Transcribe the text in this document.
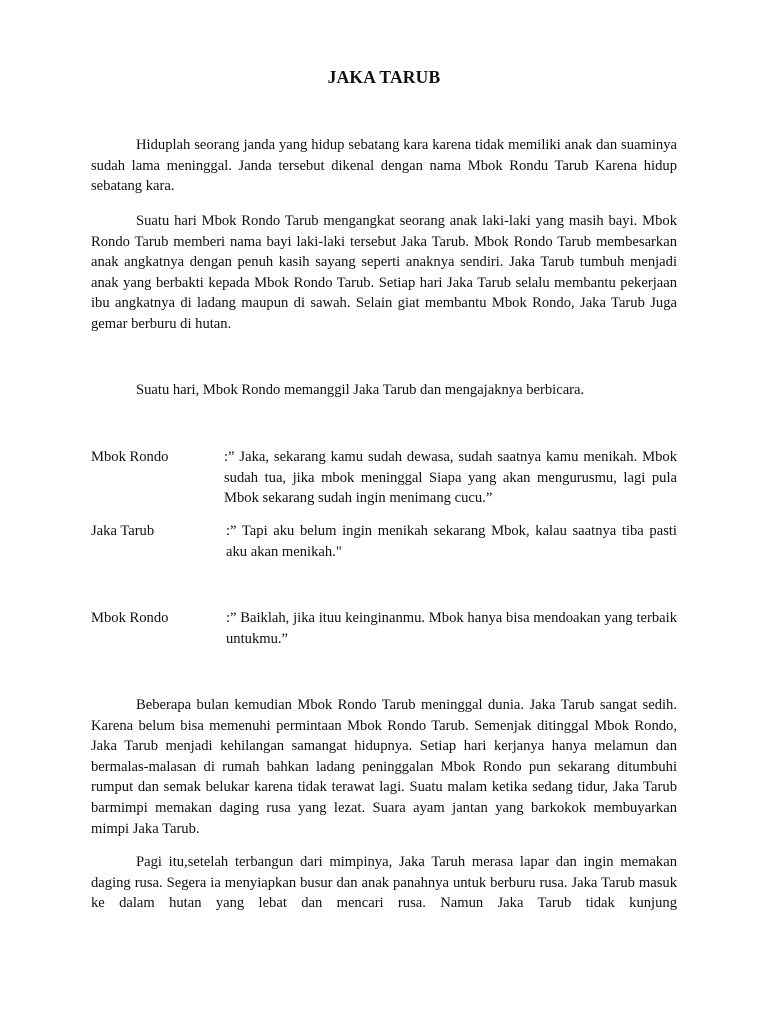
JAKA TARUB

Hiduplah seorang janda yang hidup sebatang kara karena tidak memiliki anak dan suaminya sudah lama meninggal. Janda tersebut dikenal dengan nama Mbok Rondu Tarub Karena hidup sebatang kara.

Suatu hari Mbok Rondo Tarub mengangkat seorang anak laki-laki yang masih bayi. Mbok Rondo Tarub memberi nama bayi laki-laki tersebut Jaka Tarub. Mbok Rondo Tarub membesarkan anak angkatnya dengan penuh kasih sayang seperti anaknya sendiri. Jaka Tarub tumbuh menjadi anak yang berbakti kepada Mbok Rondo Tarub. Setiap hari Jaka Tarub selalu membantu pekerjaan ibu angkatnya di ladang maupun di sawah. Selain giat membantu Mbok Rondo, Jaka Tarub Juga gemar berburu di hutan.

Suatu hari, Mbok Rondo memanggil Jaka Tarub dan mengajaknya berbicara.

Mbok Rondo	:” Jaka, sekarang kamu sudah dewasa, sudah saatnya kamu menikah. Mbok sudah tua, jika mbok meninggal Siapa yang akan mengurusmu, lagi pula Mbok sekarang sudah ingin menimang cucu.”

Jaka Tarub	:” Tapi aku belum ingin menikah sekarang Mbok, kalau saatnya tiba pasti aku akan menikah."

Mbok Rondo	:” Baiklah, jika ituu keinginanmu. Mbok hanya bisa mendoakan yang terbaik untukmu.”

Beberapa bulan kemudian Mbok Rondo Tarub meninggal dunia. Jaka Tarub sangat sedih. Karena belum bisa memenuhi permintaan Mbok Rondo Tarub. Semenjak ditinggal Mbok Rondo, Jaka Tarub menjadi kehilangan samangat hidupnya. Setiap hari kerjanya hanya melamun dan bermalas-malasan di rumah bahkan ladang peninggalan Mbok Rondo pun sekarang ditumbuhi rumput dan semak belukar karena tidak terawat lagi. Suatu malam ketika sedang tidur, Jaka Tarub barmimpi memakan daging rusa yang lezat. Suara ayam jantan yang barkokok membuyarkan mimpi Jaka Tarub.

Pagi itu,setelah terbangun dari mimpinya, Jaka Taruh merasa lapar dan ingin memakan daging rusa. Segera ia menyiapkan busur dan anak panahnya untuk berburu rusa. Jaka Tarub masuk ke dalam hutan yang lebat dan mencari rusa. Namun Jaka Tarub tidak kunjung
